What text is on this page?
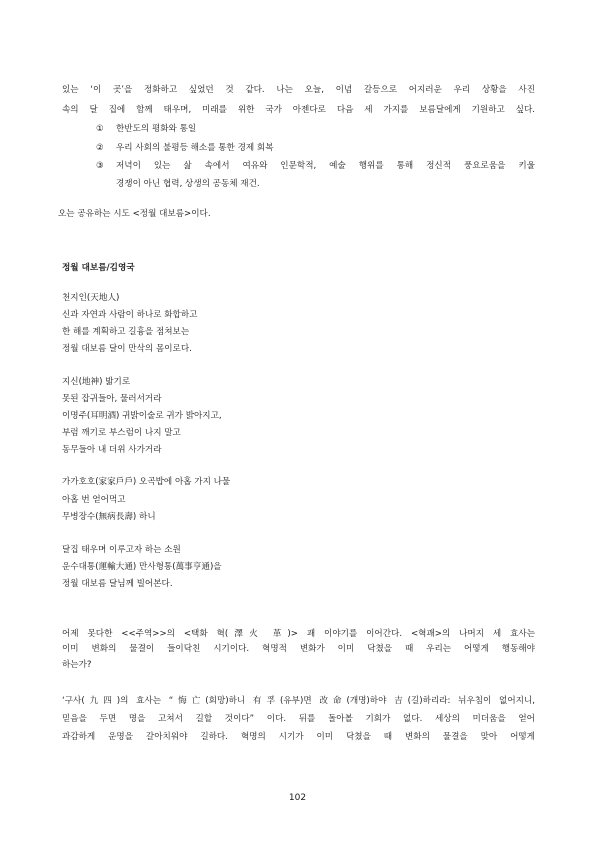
있는 ‘이 곳’을 정화하고 싶었던 것 같다. 나는 오늘, 이념 갈등으로 어지러운 우리 상황을 사진
속의 달 집에 함께 태우며, 미래를 위한 국가 아젠다로 다음 세 가지를 보름달에게 기원하고 싶다.
① 한반도의 평화와 통일
② 우리 사회의 불평등 해소를 통한 경제 회복
③ 저녁이 있는 삶 속에서 여유와 인문학적, 예술 행위를 통해 정신적 풍요로움을 키울
경쟁이 아닌 협력, 상생의 공동체 재건.
오는 공유하는 시도 <정월 대보름>이다.
정월 대보름/김영국
천지인(天地人)
신과 자연과 사람이 하나로 화합하고
한 해를 계획하고 길흉을 점쳐보는
정월 대보름 달이 만삭의 몸이로다.
지신(地神) 밟기로
못된 잡귀들아, 물러서거라
이명주(耳明酒) 귀밝이술로 귀가 밝아지고,
부럼 깨기로 부스럼이 나지 말고
동무들아 내 더위 사가거라
가가호호(家家戶戶) 오곡밥에 아홉 가지 나물
아홉 번 얻어먹고
무병장수(無病長壽) 하니
달집 태우며 이루고자 하는 소원
운수대통(運輸大通) 만사형통(萬事亨通)을
정월 대보름 달님께 빌어본다.
어제 못다한 <<주역>>의 <택화 혁(澤火 革)> 괘 이야기를 이어간다. <혁괘>의 나머지 세 효사는
이미 변화의 물결이 들이닥친 시기이다. 혁명적 변화가 이미 닥쳤을 때 우리는 어떻게 행동해야
하는가?
‘구사(九四)의 효사는 “悔亡(회망)하니 有孚(유부)면 改命(개명)하야 吉(길)하리라: 뉘우침이 없어지니,
믿음을 두면 명을 고쳐서 길할 것이다” 이다. 뒤를 돌아볼 기회가 없다. 세상의 미더움을 얻어
과감하게 운명을 갈아치워야 길하다. 혁명의 시기가 이미 닥쳤을 때 변화의 물결을 맞아 어떻게
102
